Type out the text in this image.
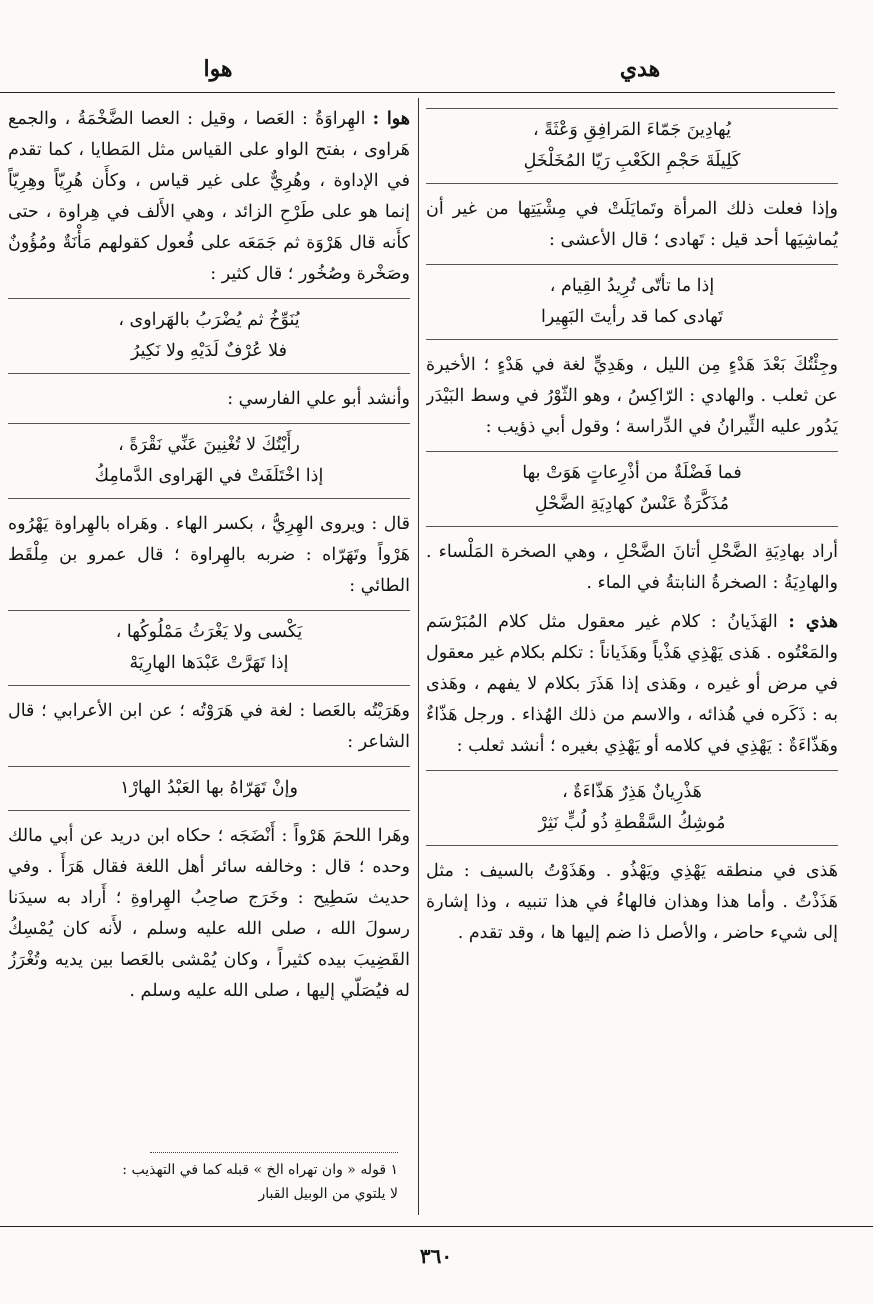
هدي
هوا
يُهادِينَ جَمّاءَ المَرافِقِ وَعْثَةً ،
كَلِيلَةَ حَجْمِ الكَعْبِ رَيّا المُخَلْخَلِ

وإذا فعلت ذلك المرأة وتَمايَلَتْ في مِشْيَتِها من غير أن يُماشِيَها أحد قيل : تَهادى ؛ قال الأعشى :

إذا ما تأتّى تُرِيدُ القِيام ،
تَهادى كما قد رأيتَ البَهِيرا

وجِئْتُكَ بَعْدَ هَدْءٍ مِن الليل ، وهَدِيٍّ لغة في هَدْءٍ ؛ الأخيرة عن ثعلب . والهادي : الرّاكِسُ ، وهو الثّوْرُ في وسط البَيْدَر يَدُور عليه الثِّيرانُ في الدِّراسة ؛ وقول أبي ذؤيب :

فما فَضْلَةٌ من أذْرِعاتٍ هَوَتْ بها
مُذَكَّرَةٌ عَنْسٌ كهادِيَةِ الضَّحْلِ

أراد بهادِيَةِ الضَّحْلِ أتانَ الضَّحْلِ ، وهي الصخرة المَلْساء . والهادِيَةُ : الصخرةُ النابتةُ في الماء .

هذي : الهَذَيانُ : كلام غير معقول مثل كلام المُبَرْسَم والمَعْتُوه . هَذى يَهْذِي هَذْياً وهَذَياناً : تكلم بكلام غير معقول في مرض أو غيره ، وهَذى إذا هَذَرَ بكلام لا يفهم ، وهَذى به : ذَكَره في هُذائه ، والاسم من ذلك الهُذاء . ورجل هَذّاءٌ وهَذّاءَةٌ : يَهْذِي في كلامه أو يَهْذِي بغيره ؛ أنشد ثعلب :

هَذْرِيانٌ هَذِرٌ هَذّاءَةٌ ،
مُوشِكُ السَّقْطةِ ذُو لُبٍّ نَثِرْ

هَذى في منطقه يَهْذِي ويَهْذُو . وهَذَوْتُ بالسيف : مثل هَذَذْتُ . وأما هذا وهذان فالهاءُ في هذا تنبيه ، وذا إشارة إلى شيء حاضر ، والأصل ذا ضم إليها ها ، وقد تقدم .

هوا : الهِراوَةُ : العَصا ، وقيل : العصا الضَّخْمَةُ ، والجمع هَراوى ، بفتح الواو على القياس مثل المَطايا ، كما تقدم في الإداوة ، وهُرِيٌّ على غير قياس ، وكأَن هُرِيّاً وهِرِيّاً إنما هو على طَرْحِ الزائد ، وهي الأَلف في هِراوة ، حتى كأَنه قال هَرْوَة ثم جَمَعَه على فُعول كقولهم مَأْنَةٌ ومُؤُونٌ وصَخْرة وصُخُور ؛ قال كثير :

يُنَوِّخُ ثم يُضْرَبُ بالهَراوى ،
فلا عُرْفٌ لَدَيْهِ ولا نَكِيرُ

وأنشد أبو علي الفارسي :

رأَيْتُكَ لا تُغْنِينَ عَنِّي نَقْرَةً ،
إذا اخْتَلَفَتْ في الهَراوى الدَّمامِكُ

قال : ويروى الهِرِيُّ ، بكسر الهاء . وهَراه بالهِراوة يَهْرُوه هَرْواً وتَهَرّاه : ضربه بالهِراوة ؛ قال عمرو بن مِلْقَط الطائي :

يَكْسى ولا يَغْرَثُ مَمْلُوكُها ،
إذا تَهَرَّتْ عَبْدَها الهارِيَهْ

وهَرَيْتُه بالعَصا : لغة في هَرَوْتُه ؛ عن ابن الأعرابي ؛ قال الشاعر :

وإنْ تَهَرّاهُ بها العَبْدُ الهارْ١

وهَرا اللحمَ هَرْواً : أَنْضَجَه ؛ حكاه ابن دريد عن أبي مالك وحده ؛ قال : وخالفه سائر أهل اللغة فقال هَرَأَ . وفي حديث سَطِيح : وخَرَج صاحِبُ الهِراوةِ ؛ أَراد به سيدَنا رسولَ الله ، صلى الله عليه وسلم ، لأَنه كان يُمْسِكُ القَضِيبَ بيده كثيراً ، وكان يُمْشى بالعَصا بين يديه وتُغْرَزُ له فيُصَلّي إليها ، صلى الله عليه وسلم .

١ قوله « وان تهراه الخ » قبله كما في التهذيب :
لا يلتوي من الوبيل القبار
٣٦٠
